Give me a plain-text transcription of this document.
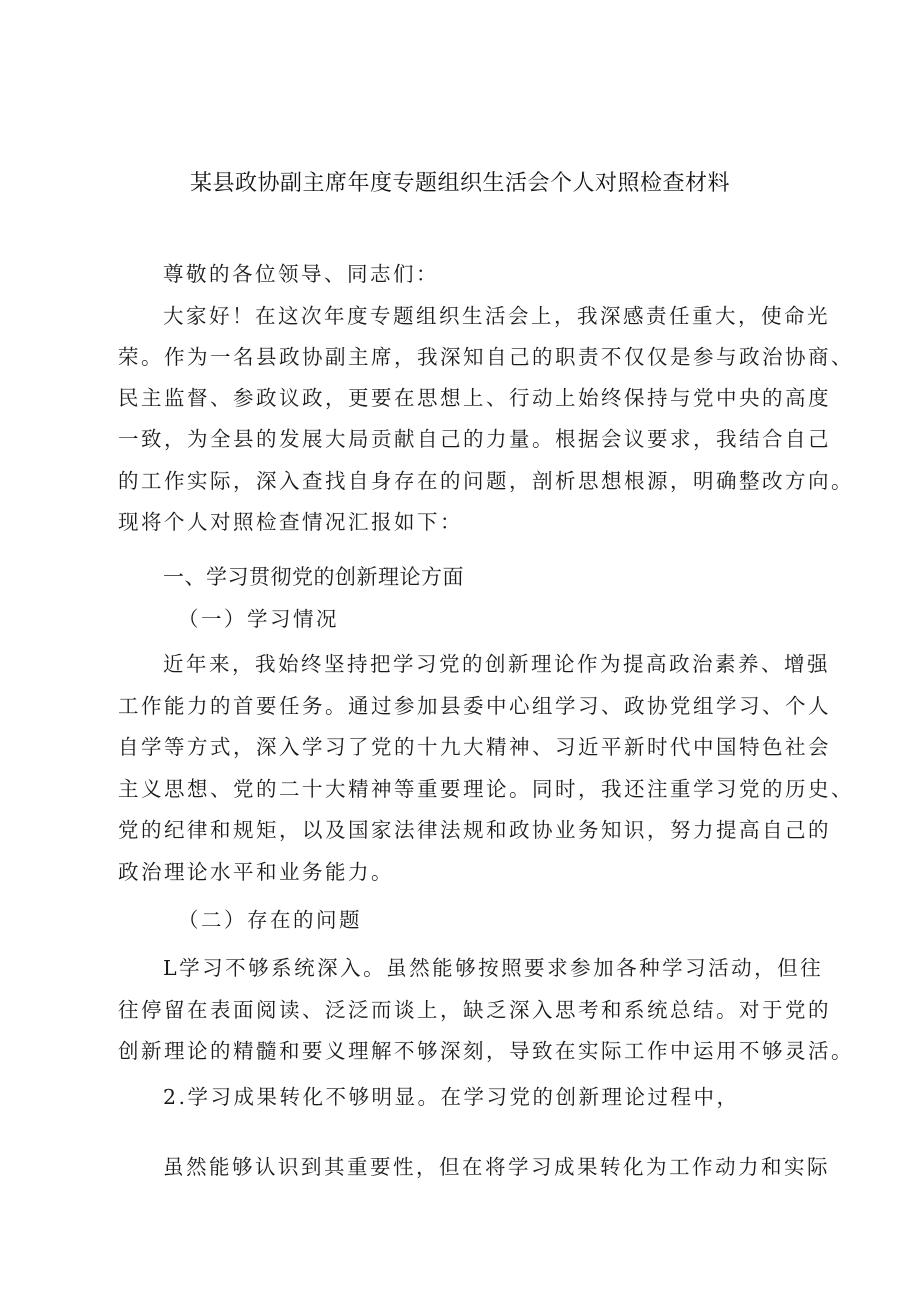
某县政协副主席年度专题组织生活会个人对照检查材料
尊敬的各位领导、同志们：
大家好！在这次年度专题组织生活会上，我深感责任重大，使命光
荣。作为一名县政协副主席，我深知自己的职责不仅仅是参与政治协商、
民主监督、参政议政，更要在思想上、行动上始终保持与党中央的高度
一致，为全县的发展大局贡献自己的力量。根据会议要求，我结合自己
的工作实际，深入查找自身存在的问题，剖析思想根源，明确整改方向。
现将个人对照检查情况汇报如下：
一、学习贯彻党的创新理论方面
（一）学习情况
近年来，我始终坚持把学习党的创新理论作为提高政治素养、增强
工作能力的首要任务。通过参加县委中心组学习、政协党组学习、个人
自学等方式，深入学习了党的十九大精神、习近平新时代中国特色社会
主义思想、党的二十大精神等重要理论。同时，我还注重学习党的历史、
党的纪律和规矩，以及国家法律法规和政协业务知识，努力提高自己的
政治理论水平和业务能力。
（二）存在的问题
L学习不够系统深入。虽然能够按照要求参加各种学习活动，但往
往停留在表面阅读、泛泛而谈上，缺乏深入思考和系统总结。对于党的
创新理论的精髓和要义理解不够深刻，导致在实际工作中运用不够灵活。
2.学习成果转化不够明显。在学习党的创新理论过程中，
虽然能够认识到其重要性，但在将学习成果转化为工作动力和实际
